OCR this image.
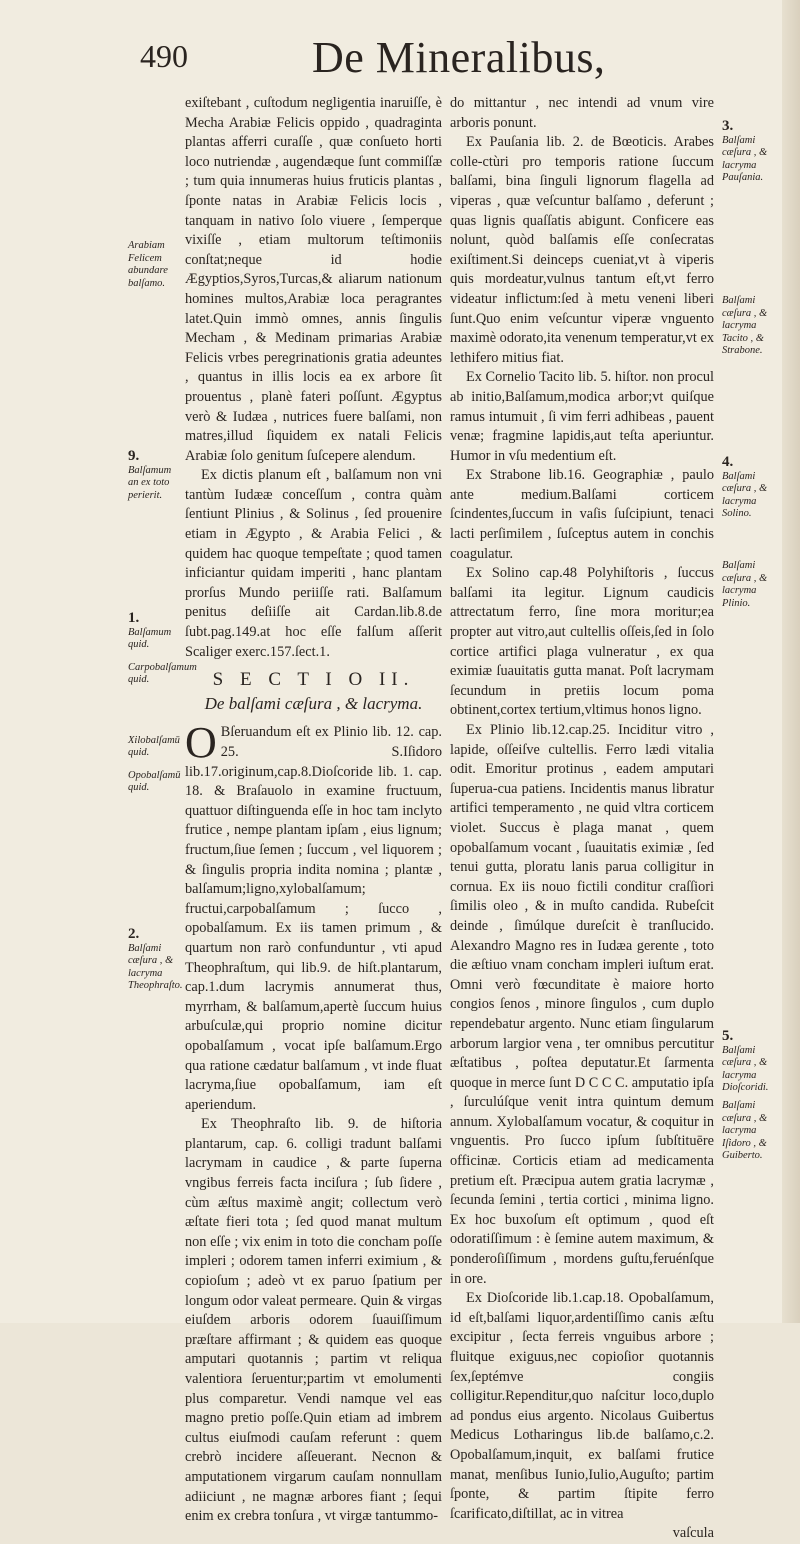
490	De Mineralibus,
Arabiam Felicem abundare balſamo.
9.
Balſamum an ex toto perierit.
1.
Balſamum quid.

Carpobalſamum quid.
Xilobalſamū quid.
Opobalſamū quid.
2.
Balſami cæſura , & lacryma Theophraſto.
3.
Balſami cæſura , & lacryma Pauſania.
Balſami cæſura , & lacryma Tacito , & Strabone.
4.
Balſami cæſura , & lacryma Solino.
Balſami cæſura , & lacryma Plinio.
5.
Balſami cæſura , & lacryma Dioſcoridi.
Balſami cæſura , & lacryma Iſidoro , & Guiberto.

exiſtebant , cuſtodum negligentia inaruiſſe, è Mecha Arabiæ Felicis oppido , quadraginta plantas afferri curaſſe , quæ conſueto horti loco nutriendæ , augendæque ſunt commiſſæ ; tum quia innumeras huius fruticis plantas , ſponte natas in Arabiæ Felicis locis , tanquam in nativo ſolo viuere , ſemperque vixiſſe , etiam multorum teſtimoniis conſtat;neque id hodie Ægyptios,Syros,Turcas,& aliarum nationum homines multos,Arabiæ loca peragrantes latet.Quin immò omnes, annis ſingulis Mecham , & Medinam primarias Arabiæ Felicis vrbes peregrinationis gratia adeuntes , quantus in illis locis ea ex arbore ſit prouentus , planè fateri poſſunt. Ægyptus verò & Iudæa , nutrices fuere balſami, non matres,illud ſiquidem ex natali Felicis Arabiæ ſolo genitum ſuſcepere alendum.

Ex dictis planum eſt , balſamum non vni tantùm Iudææ conceſſum , contra quàm ſentiunt Plinius , & Solinus , ſed prouenire etiam in Ægypto , & Arabia Felici , & quidem hac quoque tempeſtate ; quod tamen inficiantur quidam imperiti , hanc plantam prorſus Mundo periiſſe rati. Balſamum penitus deſiiſſe ait Cardan.lib.8.de ſubt.pag.149.at hoc eſſe falſum aſſerit Scaliger exerc.157.ſect.1.

S E C T I O II.
De balſami cæſura , & lacryma.

O Bſeruandum eſt ex Plinio lib. 12. cap. 25. S.Iſidoro lib.17.originum,cap.8.Dioſcoride lib. 1. cap. 18. & Braſauolo in examine fructuum, quattuor diſtinguenda eſſe in hoc tam inclyto frutice , nempe plantam ipſam , eius lignum; fructum,ſiue ſemen ; ſuccum , vel liquorem ; & ſingulis propria indita nomina ; plantæ , balſamum;ligno,xylobalſamum; fructui,carpobalſamum ; ſucco , opobalſamum. Ex iis tamen primum , & quartum non rarò confunduntur , vti apud Theophraſtum, qui lib.9. de hiſt.plantarum, cap.1.dum lacrymis annumerat thus, myrrham, & balſamum,apertè ſuccum huius arbuſculæ,qui proprio nomine dicitur opobalſamum , vocat ipſe balſamum.Ergo qua ratione cædatur balſamum , vt inde fluat lacryma,ſiue opobalſamum, iam eſt aperiendum.

Ex Theophraſto lib. 9. de hiſtoria plantarum, cap. 6. colligi tradunt balſami lacrymam in caudice , & parte ſuperna vngibus ferreis facta inciſura ; ſub ſidere , cùm æſtus maximè angit; collectum verò æſtate fieri tota ; ſed quod manat multum non eſſe ; vix enim in toto die concham poſſe impleri ; odorem tamen inferri eximium , & copioſum ; adeò vt ex paruo ſpatium per longum odor valeat permeare. Quin & virgas eiuſdem arboris odorem ſuauiſſimum præſtare affirmant ; & quidem eas quoque amputari quotannis ; partim vt reliqua valentiora ſeruentur;partim vt emolumenti plus comparetur. Vendi namque vel eas magno pretio poſſe.Quin etiam ad imbrem cultus eiuſmodi cauſam referunt : quem crebrò incidere aſſeuerant. Necnon & amputationem virgarum cauſam nonnullam adiiciunt , ne magnæ arbores fiant ; ſequi enim ex crebra tonſura , vt virgæ tantummo-

do mittantur , nec intendi ad vnum vire arboris ponunt.

Ex Pauſania lib. 2. de Bœoticis. Arabes colle-ctùri pro temporis ratione ſuccum balſami, bina ſinguli lignorum flagella ad viperas , quæ veſcuntur balſamo , deferunt ; quas lignis quaſſatis abigunt. Conficere eas nolunt, quòd balſamis eſſe conſecratas exiſtiment.Si deinceps cueniat,vt à viperis quis mordeatur,vulnus tantum eſt,vt ferro videatur inflictum:ſed à metu veneni liberi ſunt.Quo enim veſcuntur viperæ vnguento maximè odorato,ita venenum temperatur,vt ex lethifero mitius fiat.

Ex Cornelio Tacito lib. 5. hiſtor. non procul ab initio,Balſamum,modica arbor;vt quiſque ramus intumuit , ſi vim ferri adhibeas , pauent venæ; fragmine lapidis,aut teſta aperiuntur. Humor in vſu medentium eſt.

Ex Strabone lib.16. Geographiæ , paulo ante medium.Balſami corticem ſcindentes,ſuccum in vaſis ſuſcipiunt, tenaci lacti perſimilem , ſuſceptus autem in conchis coagulatur.

Ex Solino cap.48 Polyhiſtoris , ſuccus balſami ita legitur. Lignum caudicis attrectatum ferro, ſine mora moritur;ea propter aut vitro,aut cultellis oſſeis,ſed in ſolo cortice artifici plaga vulneratur , ex qua eximiæ ſuauitatis gutta manat. Poſt lacrymam ſecundum in pretiis locum poma obtinent,cortex tertium,vltimus honos ligno.

Ex Plinio lib.12.cap.25. Inciditur vitro , lapide, oſſeiſve cultellis. Ferro lædi vitalia odit. Emoritur protinus , eadem amputari ſuperua-cua patiens. Incidentis manus libratur artifici temperamento , ne quid vltra corticem violet. Succus è plaga manat , quem opobalſamum vocant , ſuauitatis eximiæ , ſed tenui gutta, ploratu lanis parua colligitur in cornua. Ex iis nouo fictili conditur craſſiori ſimilis oleo , & in muſto candida. Rubeſcit deinde , ſimúlque dureſcit è tranſlucido. Alexandro Magno res in Iudæa gerente , toto die æſtiuo vnam concham impleri iuſtum erat. Omni verò fœcunditate è maiore horto congios ſenos , minore ſingulos , cum duplo rependebatur argento. Nunc etiam ſingularum arborum largior vena , ter omnibus percutitur æſtatibus , poſtea deputatur.Et ſarmenta quoque in merce ſunt D C C C. amputatio ipſa , ſurculúſque venit intra quintum demum annum. Xylobalſamum vocatur, & coquitur in vnguentis. Pro ſucco ipſum ſubſtituēre officinæ. Corticis etiam ad medicamenta pretium eſt. Præcipua autem gratia lacrymæ , ſecunda ſemini , tertia cortici , minima ligno. Ex hoc buxoſum eſt optimum , quod eſt odoratiſſimum : è ſemine autem maximum, & ponderoſiſſimum , mordens guſtu,feruénſque in ore.

Ex Dioſcoride lib.1.cap.18. Opobalſamum, id eſt,balſami liquor,ardentiſſimo canis æſtu excipitur , ſecta ferreis vnguibus arbore ; fluitque exiguus,nec copioſior quotannis ſex,ſeptémve congiis colligitur.Rependitur,quo naſcitur loco,duplo ad pondus eius argento. Nicolaus Guibertus Medicus Lotharingus lib.de balſamo,c.2. Opobalſamum,inquit, ex balſami frutice manat, menſibus Iunio,Iulio,Auguſto; partim ſponte, & partim ſtipite ferro ſcarificato,diſtillat, ac in vitrea

vaſcula
